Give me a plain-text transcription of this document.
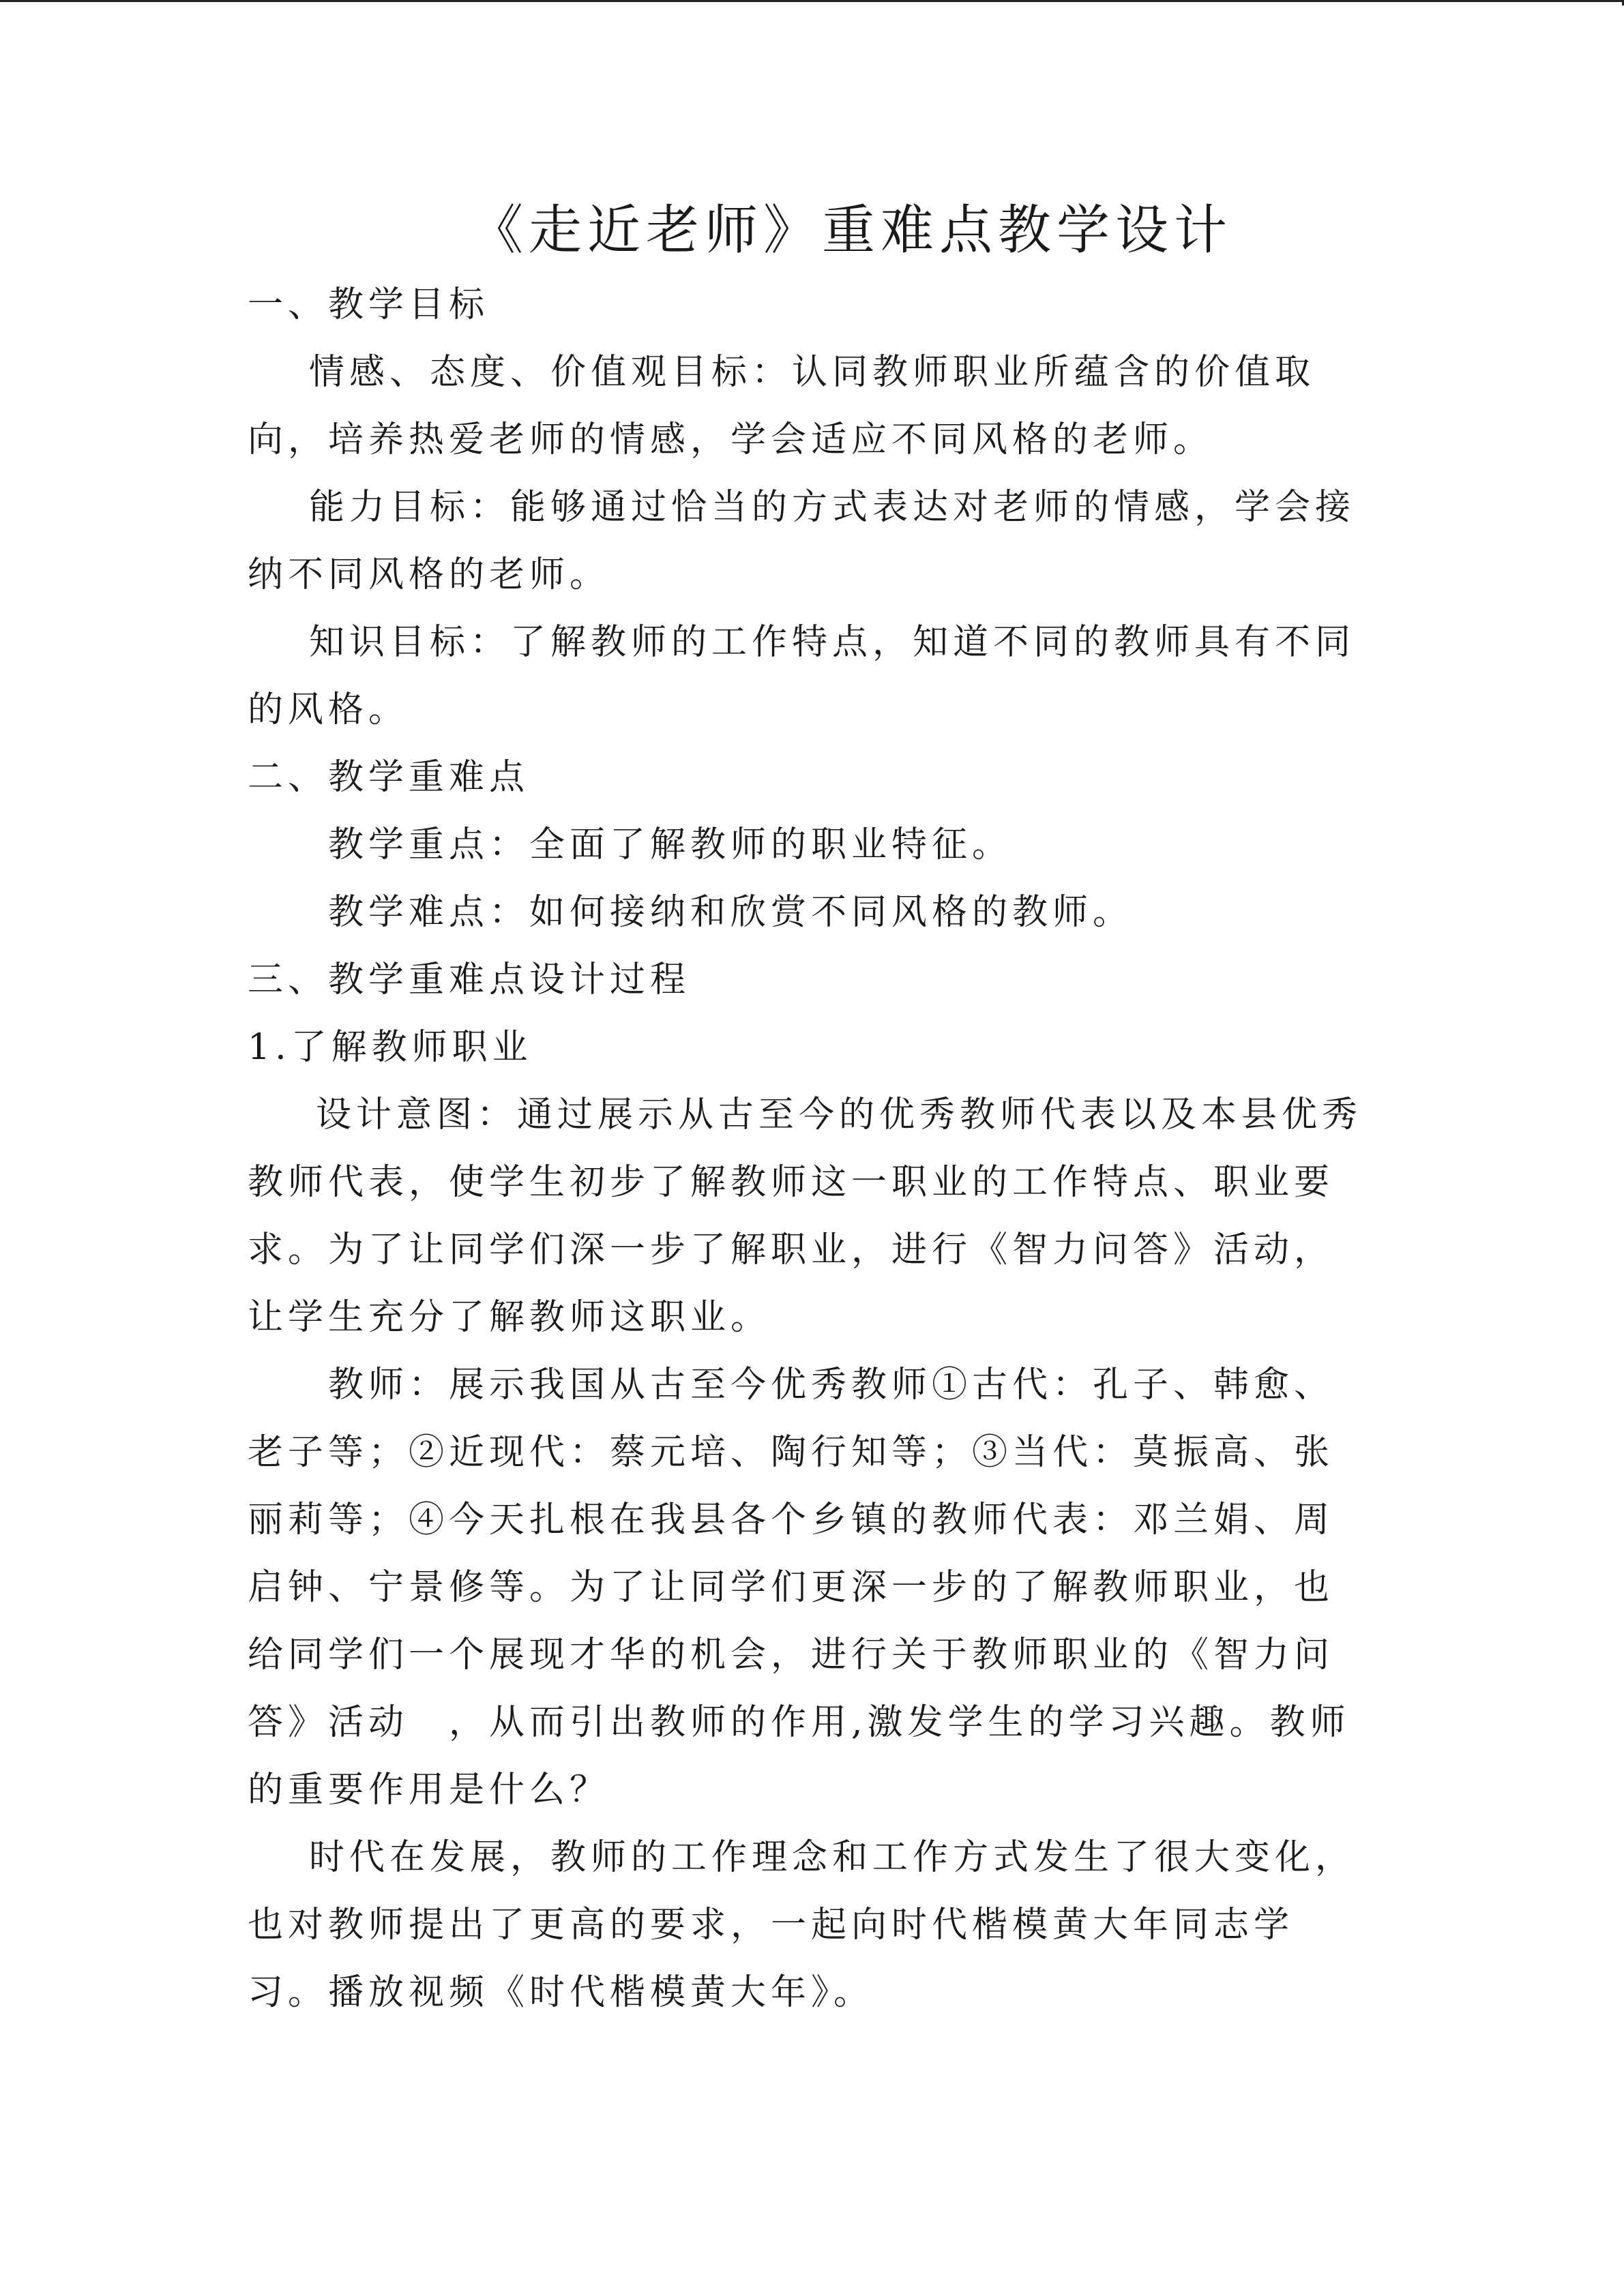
《走近老师》重难点教学设计

一、教学目标

情感、态度、价值观目标：认同教师职业所蕴含的价值取

向，培养热爱老师的情感，学会适应不同风格的老师。

能力目标：能够通过恰当的方式表达对老师的情感，学会接

纳不同风格的老师。

知识目标：了解教师的工作特点，知道不同的教师具有不同

的风格。

二、教学重难点

教学重点：全面了解教师的职业特征。

教学难点：如何接纳和欣赏不同风格的教师。

三、教学重难点设计过程

1.了解教师职业

设计意图：通过展示从古至今的优秀教师代表以及本县优秀

教师代表，使学生初步了解教师这一职业的工作特点、职业要

求。为了让同学们深一步了解职业，进行《智力问答》活动，

让学生充分了解教师这职业。

教师：展示我国从古至今优秀教师①古代：孔子、韩愈、

老子等；②近现代：蔡元培、陶行知等；③当代：莫振高、张

丽莉等；④今天扎根在我县各个乡镇的教师代表：邓兰娟、周

启钟、宁景修等。为了让同学们更深一步的了解教师职业，也

给同学们一个展现才华的机会，进行关于教师职业的《智力问

答》活动　，从而引出教师的作用,激发学生的学习兴趣。教师

的重要作用是什么？

时代在发展，教师的工作理念和工作方式发生了很大变化，

也对教师提出了更高的要求，一起向时代楷模黄大年同志学

习。播放视频《时代楷模黄大年》。
